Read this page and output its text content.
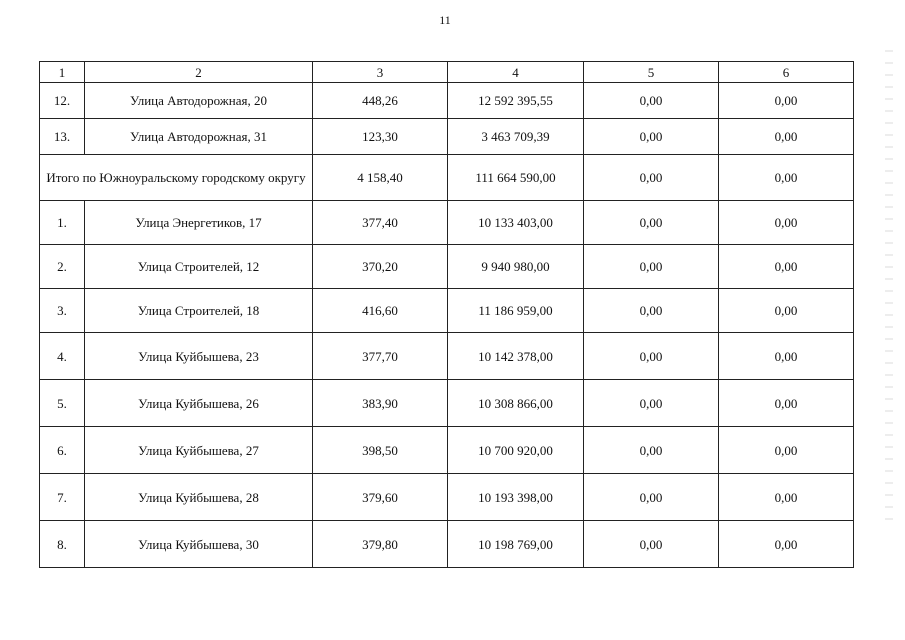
11
1	2	3	4	5	6
12.	Улица Автодорожная, 20	448,26	12 592 395,55	0,00	0,00
13.	Улица Автодорожная, 31	123,30	3 463 709,39	0,00	0,00
Итого по Южноуральскому городскому округу		4 158,40	111 664 590,00	0,00	0,00
1.	Улица Энергетиков, 17	377,40	10 133 403,00	0,00	0,00
2.	Улица Строителей, 12	370,20	9 940 980,00	0,00	0,00
3.	Улица Строителей, 18	416,60	11 186 959,00	0,00	0,00
4.	Улица Куйбышева, 23	377,70	10 142 378,00	0,00	0,00
5.	Улица Куйбышева, 26	383,90	10 308 866,00	0,00	0,00
6.	Улица Куйбышева, 27	398,50	10 700 920,00	0,00	0,00
7.	Улица Куйбышева, 28	379,60	10 193 398,00	0,00	0,00
8.	Улица Куйбышева, 30	379,80	10 198 769,00	0,00	0,00
